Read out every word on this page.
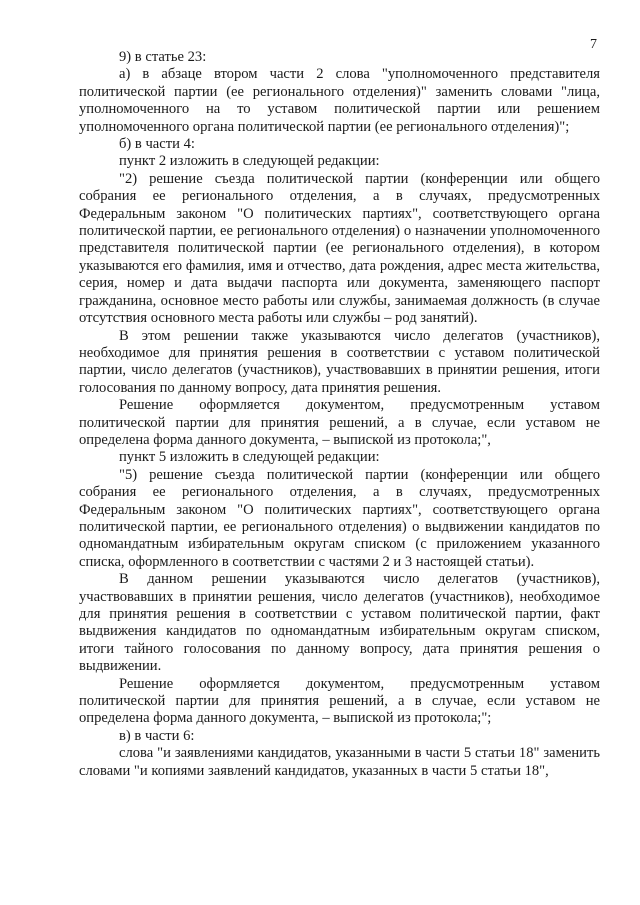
7

9) в статье 23:

а) в абзаце втором части 2 слова "уполномоченного представителя политической партии (ее регионального отделения)" заменить словами "лица, уполномоченного на то уставом политической партии или решением уполномоченного органа политической партии (ее регионального отделения)";

б) в части 4:

пункт 2 изложить в следующей редакции:

"2) решение съезда политической партии (конференции или общего собрания ее регионального отделения, а в случаях, предусмотренных Федеральным законом "О политических партиях", соответствующего органа политической партии, ее регионального отделения) о назначении уполномоченного представителя политической партии (ее регионального отделения), в котором указываются его фамилия, имя и отчество, дата рождения, адрес места жительства, серия, номер и дата выдачи паспорта или документа, заменяющего паспорт гражданина, основное место работы или службы, занимаемая должность (в случае отсутствия основного места работы или службы – род занятий).

В этом решении также указываются число делегатов (участников), необходимое для принятия решения в соответствии с уставом политической партии, число делегатов (участников), участвовавших в принятии решения, итоги голосования по данному вопросу, дата принятия решения.

Решение оформляется документом, предусмотренным уставом политической партии для принятия решений, а в случае, если уставом не определена форма данного документа, – выпиской из протокола;",

пункт 5 изложить в следующей редакции:

"5) решение съезда политической партии (конференции или общего собрания ее регионального отделения, а в случаях, предусмотренных Федеральным законом "О политических партиях", соответствующего органа политической партии, ее регионального отделения) о выдвижении кандидатов по одномандатным избирательным округам списком (с приложением указанного списка, оформленного в соответствии с частями 2 и 3 настоящей статьи).

В данном решении указываются число делегатов (участников), участвовавших в принятии решения, число делегатов (участников), необходимое для принятия решения в соответствии с уставом политической партии, факт выдвижения кандидатов по одномандатным избирательным округам списком, итоги тайного голосования по данному вопросу, дата принятия решения о выдвижении.

Решение оформляется документом, предусмотренным уставом политической партии для принятия решений, а в случае, если уставом не определена форма данного документа, – выпиской из протокола;";

в) в части 6:

слова "и заявлениями кандидатов, указанными в части 5 статьи 18" заменить словами "и копиями заявлений кандидатов, указанных в части 5 статьи 18",
